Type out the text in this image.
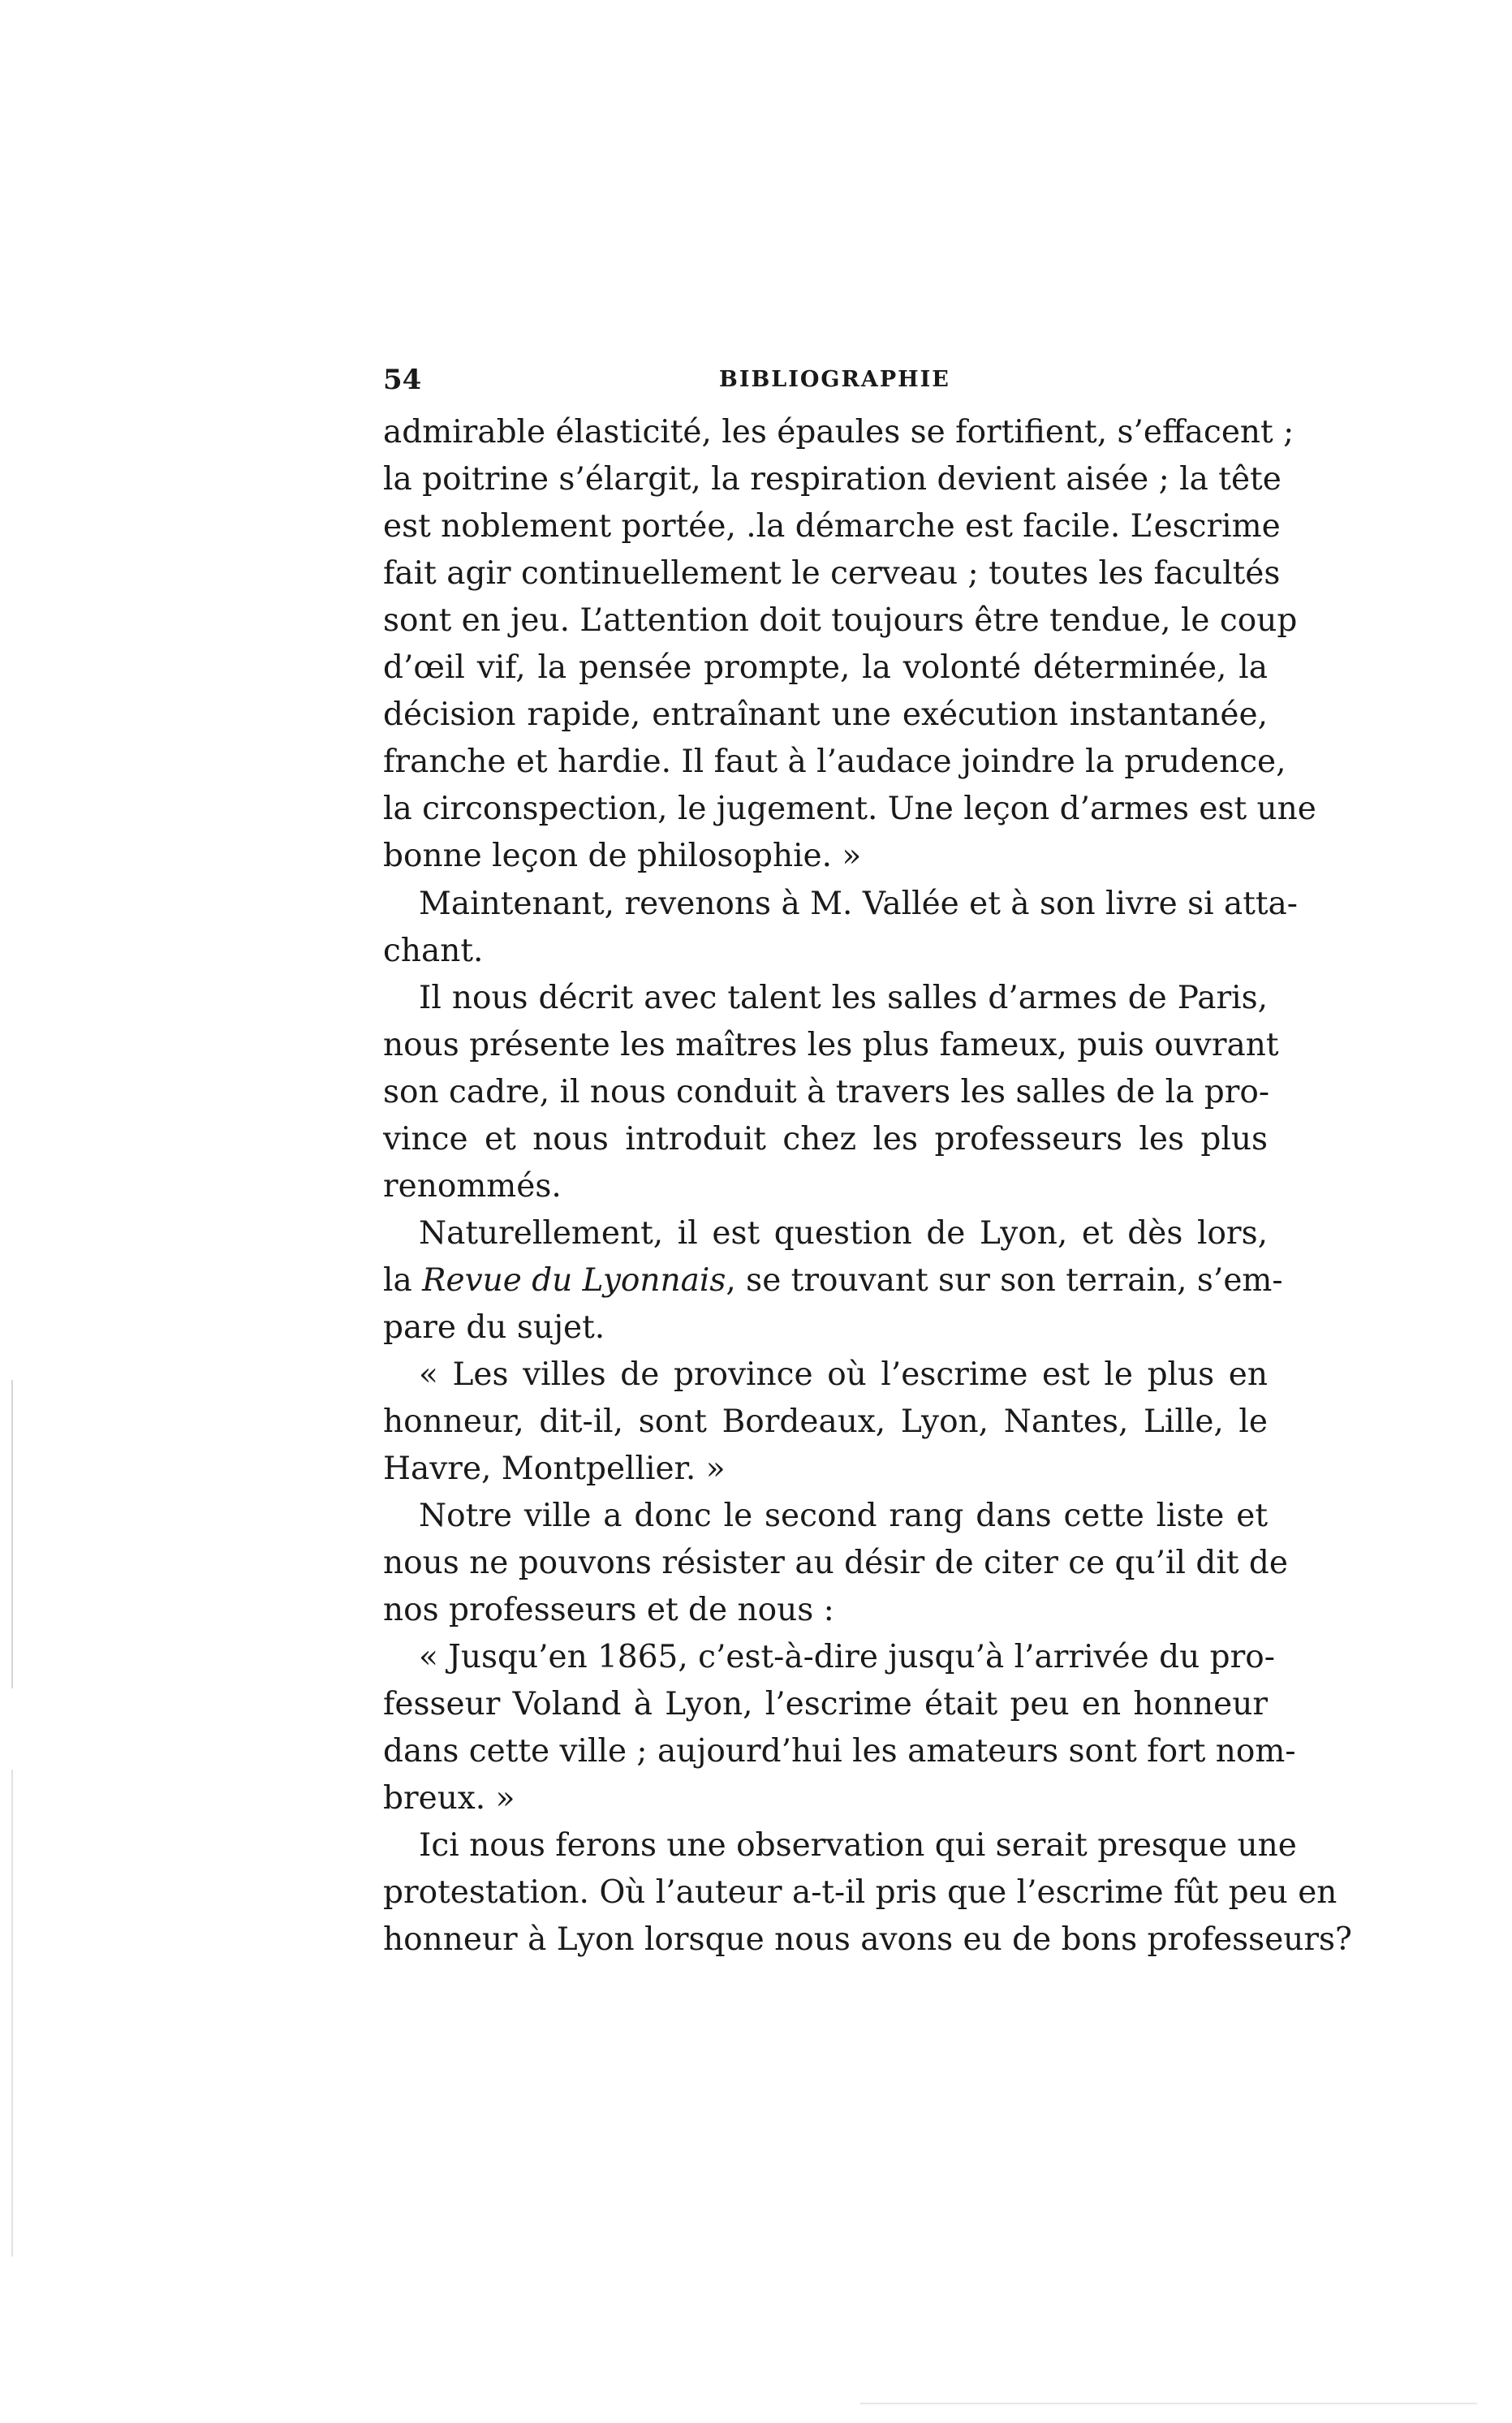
54	BIBLIOGRAPHIE
admirable élasticité, les épaules se fortifient, s’effacent ;
la poitrine s’élargit, la respiration devient aisée ; la tête
est noblement portée, .la démarche est facile. L’escrime
fait agir continuellement le cerveau ; toutes les facultés
sont en jeu. L’attention doit toujours être tendue, le coup
d’œil vif, la pensée prompte, la volonté déterminée, la
décision rapide, entraînant une exécution instantanée,
franche et hardie. Il faut à l’audace joindre la prudence,
la circonspection, le jugement. Une leçon d’armes est une
bonne leçon de philosophie. »
Maintenant, revenons à M. Vallée et à son livre si atta-
chant.
Il nous décrit avec talent les salles d’armes de Paris,
nous présente les maîtres les plus fameux, puis ouvrant
son cadre, il nous conduit à travers les salles de la pro-
vince et nous introduit chez les professeurs les plus
renommés.
Naturellement, il est question de Lyon, et dès lors,
la Revue du Lyonnais, se trouvant sur son terrain, s’em-
pare du sujet.
« Les villes de province où l’escrime est le plus en
honneur, dit-il, sont Bordeaux, Lyon, Nantes, Lille, le
Havre, Montpellier. »
Notre ville a donc le second rang dans cette liste et
nous ne pouvons résister au désir de citer ce qu’il dit de
nos professeurs et de nous :
« Jusqu’en 1865, c’est-à-dire jusqu’à l’arrivée du pro-
fesseur Voland à Lyon, l’escrime était peu en honneur
dans cette ville ; aujourd’hui les amateurs sont fort nom-
breux. »
Ici nous ferons une observation qui serait presque une
protestation. Où l’auteur a-t-il pris que l’escrime fût peu en
honneur à Lyon lorsque nous avons eu de bons professeurs?
